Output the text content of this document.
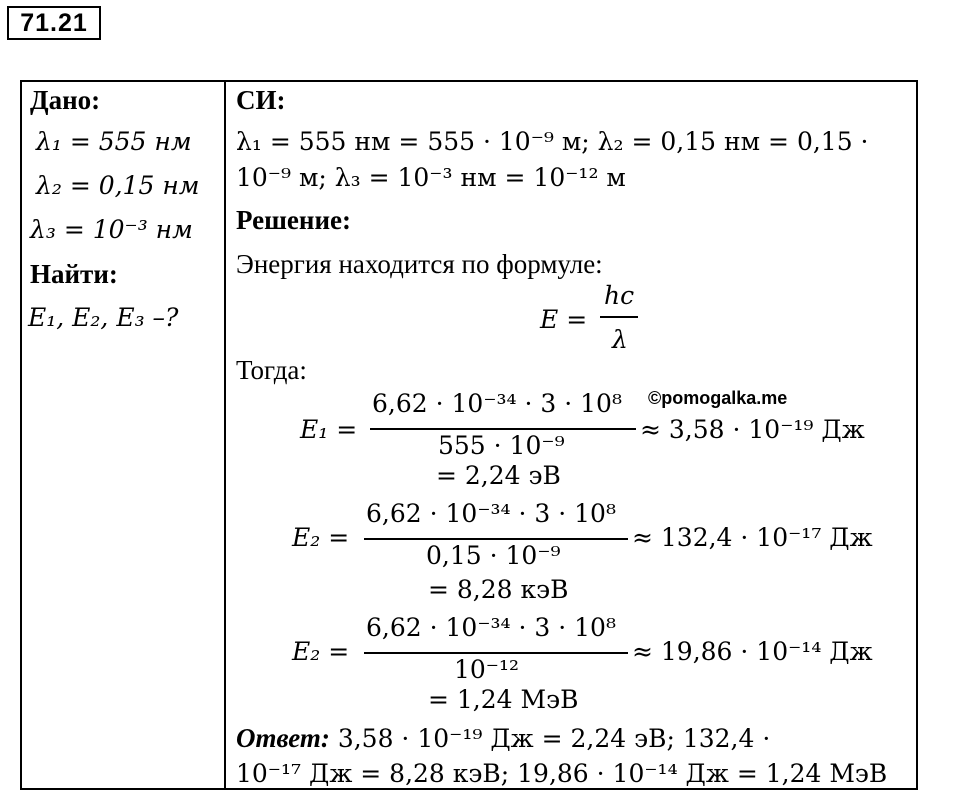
71.21
Дано:
λ₁ = 555 нм
λ₂ = 0,15 нм
λ₃ = 10⁻³ нм
Найти:
E₁, E₂, E₃ –?
СИ:
λ₁ = 555 нм = 555 · 10⁻⁹ м; λ₂ = 0,15 нм = 0,15 ·
10⁻⁹ м; λ₃ = 10⁻³ нм = 10⁻¹² м
Решение:
Энергия находится по формуле:
E =
hc
λ
Тогда:
©pomogalka.me
E₁ =
6,62 · 10⁻³⁴ · 3 · 10⁸
555 · 10⁻⁹
≈ 3,58 · 10⁻¹⁹ Дж
= 2,24 эВ
E₂ =
6,62 · 10⁻³⁴ · 3 · 10⁸
0,15 · 10⁻⁹
≈ 132,4 · 10⁻¹⁷ Дж
= 8,28 кэВ
E₂ =
6,62 · 10⁻³⁴ · 3 · 10⁸
10⁻¹²
≈ 19,86 · 10⁻¹⁴ Дж
= 1,24 МэВ
Ответ: 3,58 · 10⁻¹⁹ Дж = 2,24 эВ; 132,4 ·
10⁻¹⁷ Дж = 8,28 кэВ; 19,86 · 10⁻¹⁴ Дж = 1,24 МэВ
